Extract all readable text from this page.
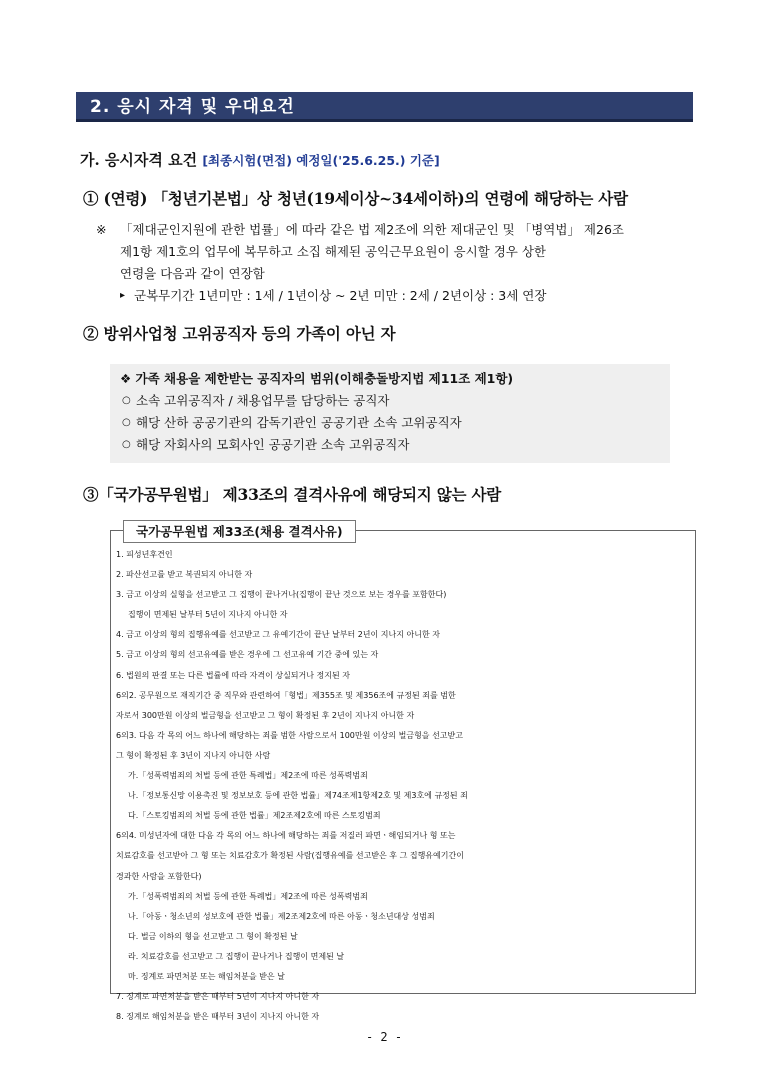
2. 응시 자격 및 우대요건
가. 응시자격 요건 [최종시험(면접) 예정일('25.6.25.) 기준]
① (연령) 「청년기본법」상 청년(19세이상~34세이하)의 연령에 해당하는 사람
※ 「제대군인지원에 관한 법률」에 따라 같은 법 제2조에 의한 제대군인 및 「병역법」 제26조
제1항 제1호의 업무에 복무하고 소집 해제된 공익근무요원이 응시할 경우 상한
연령을 다음과 같이 연장함
▸ 군복무기간 1년미만 : 1세 / 1년이상 ~ 2년 미만 : 2세 / 2년이상 : 3세 연장
② 방위사업청 고위공직자 등의 가족이 아닌 자
❖ 가족 채용을 제한받는 공직자의 범위(이해충돌방지법 제11조 제1항)
○ 소속 고위공직자 / 채용업무를 담당하는 공직자
○ 해당 산하 공공기관의 감독기관인 공공기관 소속 고위공직자
○ 해당 자회사의 모회사인 공공기관 소속 고위공직자
③「국가공무원법」 제33조의 결격사유에 해당되지 않는 사람
국가공무원법 제33조(채용 결격사유)
1. 피성년후견인
2. 파산선고를 받고 복권되지 아니한 자
3. 금고 이상의 실형을 선고받고 그 집행이 끝나거나(집행이 끝난 것으로 보는 경우를 포함한다)
집행이 면제된 날부터 5년이 지나지 아니한 자
4. 금고 이상의 형의 집행유예를 선고받고 그 유예기간이 끝난 날부터 2년이 지나지 아니한 자
5. 금고 이상의 형의 선고유예를 받은 경우에 그 선고유예 기간 중에 있는 자
6. 법원의 판결 또는 다른 법률에 따라 자격이 상실되거나 정지된 자
6의2. 공무원으로 재직기간 중 직무와 관련하여「형법」제355조 및 제356조에 규정된 죄를 범한
자로서 300만원 이상의 벌금형을 선고받고 그 형이 확정된 후 2년이 지나지 아니한 자
6의3. 다음 각 목의 어느 하나에 해당하는 죄를 범한 사람으로서 100만원 이상의 벌금형을 선고받고
그 형이 확정된 후 3년이 지나지 아니한 사람
가.「성폭력범죄의 처벌 등에 관한 특례법」제2조에 따른 성폭력범죄
나.「정보통신망 이용촉진 및 정보보호 등에 관한 법률」제74조제1항제2호 및 제3호에 규정된 죄
다.「스토킹범죄의 처벌 등에 관한 법률」제2조제2호에 따른 스토킹범죄
6의4. 미성년자에 대한 다음 각 목의 어느 하나에 해당하는 죄를 저질러 파면ㆍ해임되거나 형 또는
치료감호를 선고받아 그 형 또는 치료감호가 확정된 사람(집행유예를 선고받은 후 그 집행유예기간이
경과한 사람을 포함한다)
가.「성폭력범죄의 처벌 등에 관한 특례법」제2조에 따른 성폭력범죄
나.「아동ㆍ청소년의 성보호에 관한 법률」제2조제2호에 따른 아동ㆍ청소년대상 성범죄
다. 벌금 이하의 형을 선고받고 그 형이 확정된 날
라. 치료감호를 선고받고 그 집행이 끝나거나 집행이 면제된 날
마. 징계로 파면처분 또는 해임처분을 받은 날
7. 징계로 파면처분을 받은 때부터 5년이 지나지 아니한 자
8. 징계로 해임처분을 받은 때부터 3년이 지나지 아니한 자
- 2 -
